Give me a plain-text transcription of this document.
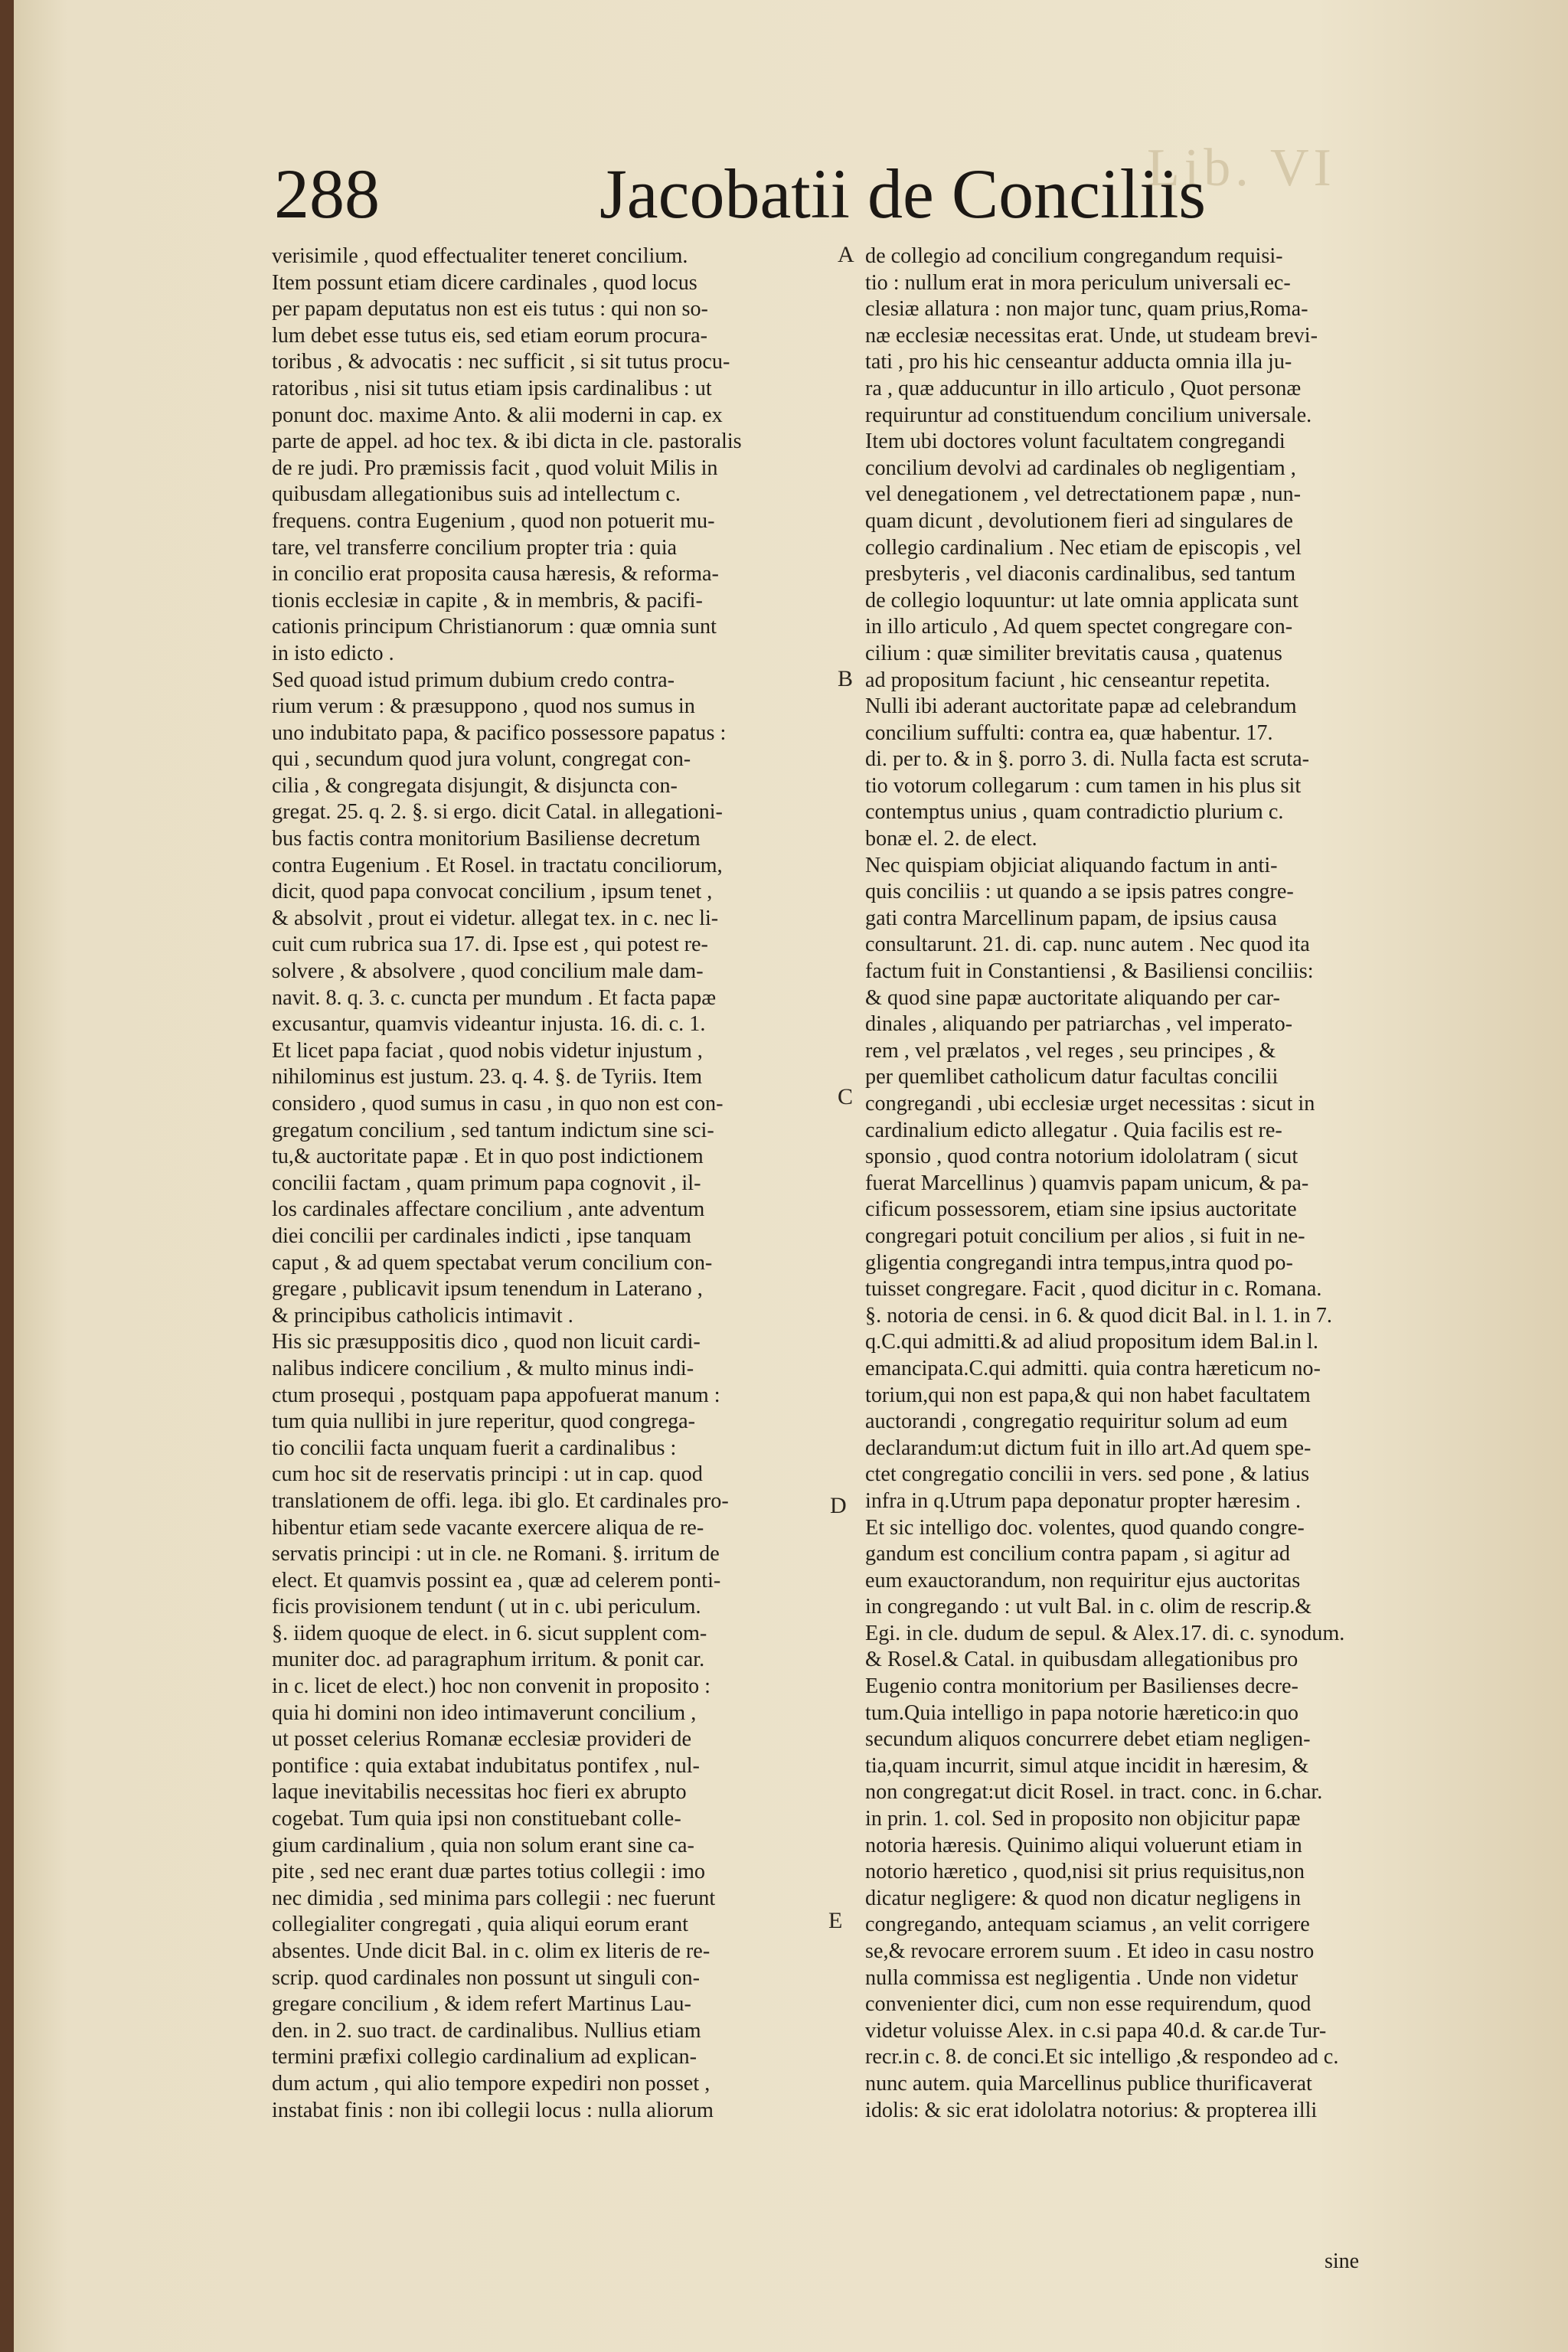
Lib. VI
288	Jacobatii de Conciliis
verisimile , quod effectualiter teneret concilium.
Item possunt etiam dicere cardinales , quod locus
per papam deputatus non est eis tutus : qui non so-
lum debet esse tutus eis, sed etiam eorum procura-
toribus , & advocatis : nec sufficit , si sit tutus procu-
ratoribus , nisi sit tutus etiam ipsis cardinalibus : ut
ponunt doc. maxime Anto. & alii moderni in cap. ex
parte de appel. ad hoc tex. & ibi dicta in cle. pastoralis
de re judi. Pro præmissis facit , quod voluit Milis in
quibusdam allegationibus suis ad intellectum c.
frequens. contra Eugenium , quod non potuerit mu-
tare, vel transferre concilium propter tria : quia
in concilio erat proposita causa hæresis, & reforma-
tionis ecclesiæ in capite , & in membris, & pacifi-
cationis principum Christianorum : quæ omnia sunt
in isto edicto .
Sed quoad istud primum dubium credo contra-
rium verum : & præsuppono , quod nos sumus in
uno indubitato papa, & pacifico possessore papatus :
qui , secundum quod jura volunt, congregat con-
cilia , & congregata disjungit, & disjuncta con-
gregat. 25. q. 2. §. si ergo. dicit Catal. in allegationi-
bus factis contra monitorium Basiliense decretum
contra Eugenium . Et Rosel. in tractatu conciliorum,
dicit, quod papa convocat concilium , ipsum tenet ,
& absolvit , prout ei videtur. allegat tex. in c. nec li-
cuit cum rubrica sua 17. di. Ipse est , qui potest re-
solvere , & absolvere , quod concilium male dam-
navit. 8. q. 3. c. cuncta per mundum . Et facta papæ
excusantur, quamvis videantur injusta. 16. di. c. 1.
Et licet papa faciat , quod nobis videtur injustum ,
nihilominus est justum. 23. q. 4. §. de Tyriis. Item
considero , quod sumus in casu , in quo non est con-
gregatum concilium , sed tantum indictum sine sci-
tu,& auctoritate papæ . Et in quo post indictionem
concilii factam , quam primum papa cognovit , il-
los cardinales affectare concilium , ante adventum
diei concilii per cardinales indicti , ipse tanquam
caput , & ad quem spectabat verum concilium con-
gregare , publicavit ipsum tenendum in Laterano ,
& principibus catholicis intimavit .
His sic præsuppositis dico , quod non licuit cardi-
nalibus indicere concilium , & multo minus indi-
ctum prosequi , postquam papa appofuerat manum :
tum quia nullibi in jure reperitur, quod congrega-
tio concilii facta unquam fuerit a cardinalibus :
cum hoc sit de reservatis principi : ut in cap. quod
translationem de offi. lega. ibi glo. Et cardinales pro-
hibentur etiam sede vacante exercere aliqua de re-
servatis principi : ut in cle. ne Romani. §. irritum de
elect. Et quamvis possint ea , quæ ad celerem ponti-
ficis provisionem tendunt ( ut in c. ubi periculum.
§. iidem quoque de elect. in 6. sicut supplent com-
muniter doc. ad paragraphum irritum. & ponit car.
in c. licet de elect.) hoc non convenit in proposito :
quia hi domini non ideo intimaverunt concilium ,
ut posset celerius Romanæ ecclesiæ provideri de
pontifice : quia extabat indubitatus pontifex , nul-
laque inevitabilis necessitas hoc fieri ex abrupto
cogebat. Tum quia ipsi non constituebant colle-
gium cardinalium , quia non solum erant sine ca-
pite , sed nec erant duæ partes totius collegii : imo
nec dimidia , sed minima pars collegii : nec fuerunt
collegialiter congregati , quia aliqui eorum erant
absentes. Unde dicit Bal. in c. olim ex literis de re-
scrip. quod cardinales non possunt ut singuli con-
gregare concilium , & idem refert Martinus Lau-
den. in 2. suo tract. de cardinalibus. Nullius etiam
termini præfixi collegio cardinalium ad explican-
dum actum , qui alio tempore expediri non posset ,
instabat finis : non ibi collegii locus : nulla aliorum
de collegio ad concilium congregandum requisi-
tio : nullum erat in mora periculum universali ec-
clesiæ allatura : non major tunc, quam prius,Roma-
næ ecclesiæ necessitas erat. Unde, ut studeam brevi-
tati , pro his hic censeantur adducta omnia illa ju-
ra , quæ adducuntur in illo articulo , Quot personæ
requiruntur ad constituendum concilium universale.
Item ubi doctores volunt facultatem congregandi
concilium devolvi ad cardinales ob negligentiam ,
vel denegationem , vel detrectationem papæ , nun-
quam dicunt , devolutionem fieri ad singulares de
collegio cardinalium . Nec etiam de episcopis , vel
presbyteris , vel diaconis cardinalibus, sed tantum
de collegio loquuntur: ut late omnia applicata sunt
in illo articulo , Ad quem spectet congregare con-
cilium : quæ similiter brevitatis causa , quatenus
ad propositum faciunt , hic censeantur repetita.
Nulli ibi aderant auctoritate papæ ad celebrandum
concilium suffulti: contra ea, quæ habentur. 17.
di. per to. & in §. porro 3. di. Nulla facta est scruta-
tio votorum collegarum : cum tamen in his plus sit
contemptus unius , quam contradictio plurium c.
bonæ el. 2. de elect.
Nec quispiam objiciat aliquando factum in anti-
quis conciliis : ut quando a se ipsis patres congre-
gati contra Marcellinum papam, de ipsius causa
consultarunt. 21. di. cap. nunc autem . Nec quod ita
factum fuit in Constantiensi , & Basiliensi conciliis:
& quod sine papæ auctoritate aliquando per car-
dinales , aliquando per patriarchas , vel imperato-
rem , vel prælatos , vel reges , seu principes , &
per quemlibet catholicum datur facultas concilii
congregandi , ubi ecclesiæ urget necessitas : sicut in
cardinalium edicto allegatur . Quia facilis est re-
sponsio , quod contra notorium idololatram ( sicut
fuerat Marcellinus ) quamvis papam unicum, & pa-
cificum possessorem, etiam sine ipsius auctoritate
congregari potuit concilium per alios , si fuit in ne-
gligentia congregandi intra tempus,intra quod po-
tuisset congregare. Facit , quod dicitur in c. Romana.
§. notoria de censi. in 6. & quod dicit Bal. in l. 1. in 7.
q.C.qui admitti.& ad aliud propositum idem Bal.in l.
emancipata.C.qui admitti. quia contra hæreticum no-
torium,qui non est papa,& qui non habet facultatem
auctorandi , congregatio requiritur solum ad eum
declarandum:ut dictum fuit in illo art.Ad quem spe-
ctet congregatio concilii in vers. sed pone , & latius
infra in q.Utrum papa deponatur propter hæresim .
Et sic intelligo doc. volentes, quod quando congre-
gandum est concilium contra papam , si agitur ad
eum exauctorandum, non requiritur ejus auctoritas
in congregando : ut vult Bal. in c. olim de rescrip.&
Egi. in cle. dudum de sepul. & Alex.17. di. c. synodum.
& Rosel.& Catal. in quibusdam allegationibus pro
Eugenio contra monitorium per Basilienses decre-
tum.Quia intelligo in papa notorie hæretico:in quo
secundum aliquos concurrere debet etiam negligen-
tia,quam incurrit, simul atque incidit in hæresim, &
non congregat:ut dicit Rosel. in tract. conc. in 6.char.
in prin. 1. col. Sed in proposito non objicitur papæ
notoria hæresis. Quinimo aliqui voluerunt etiam in
notorio hæretico , quod,nisi sit prius requisitus,non
dicatur negligere: & quod non dicatur negligens in
congregando, antequam sciamus , an velit corrigere
se,& revocare errorem suum . Et ideo in casu nostro
nulla commissa est negligentia . Unde non videtur
convenienter dici, cum non esse requirendum, quod
videtur voluisse Alex. in c.si papa 40.d. & car.de Tur-
recr.in c. 8. de conci.Et sic intelligo ,& respondeo ad c.
nunc autem. quia Marcellinus publice thurificaverat
idolis: & sic erat idololatra notorius: & propterea illi
A
B
C
D
E
sine
